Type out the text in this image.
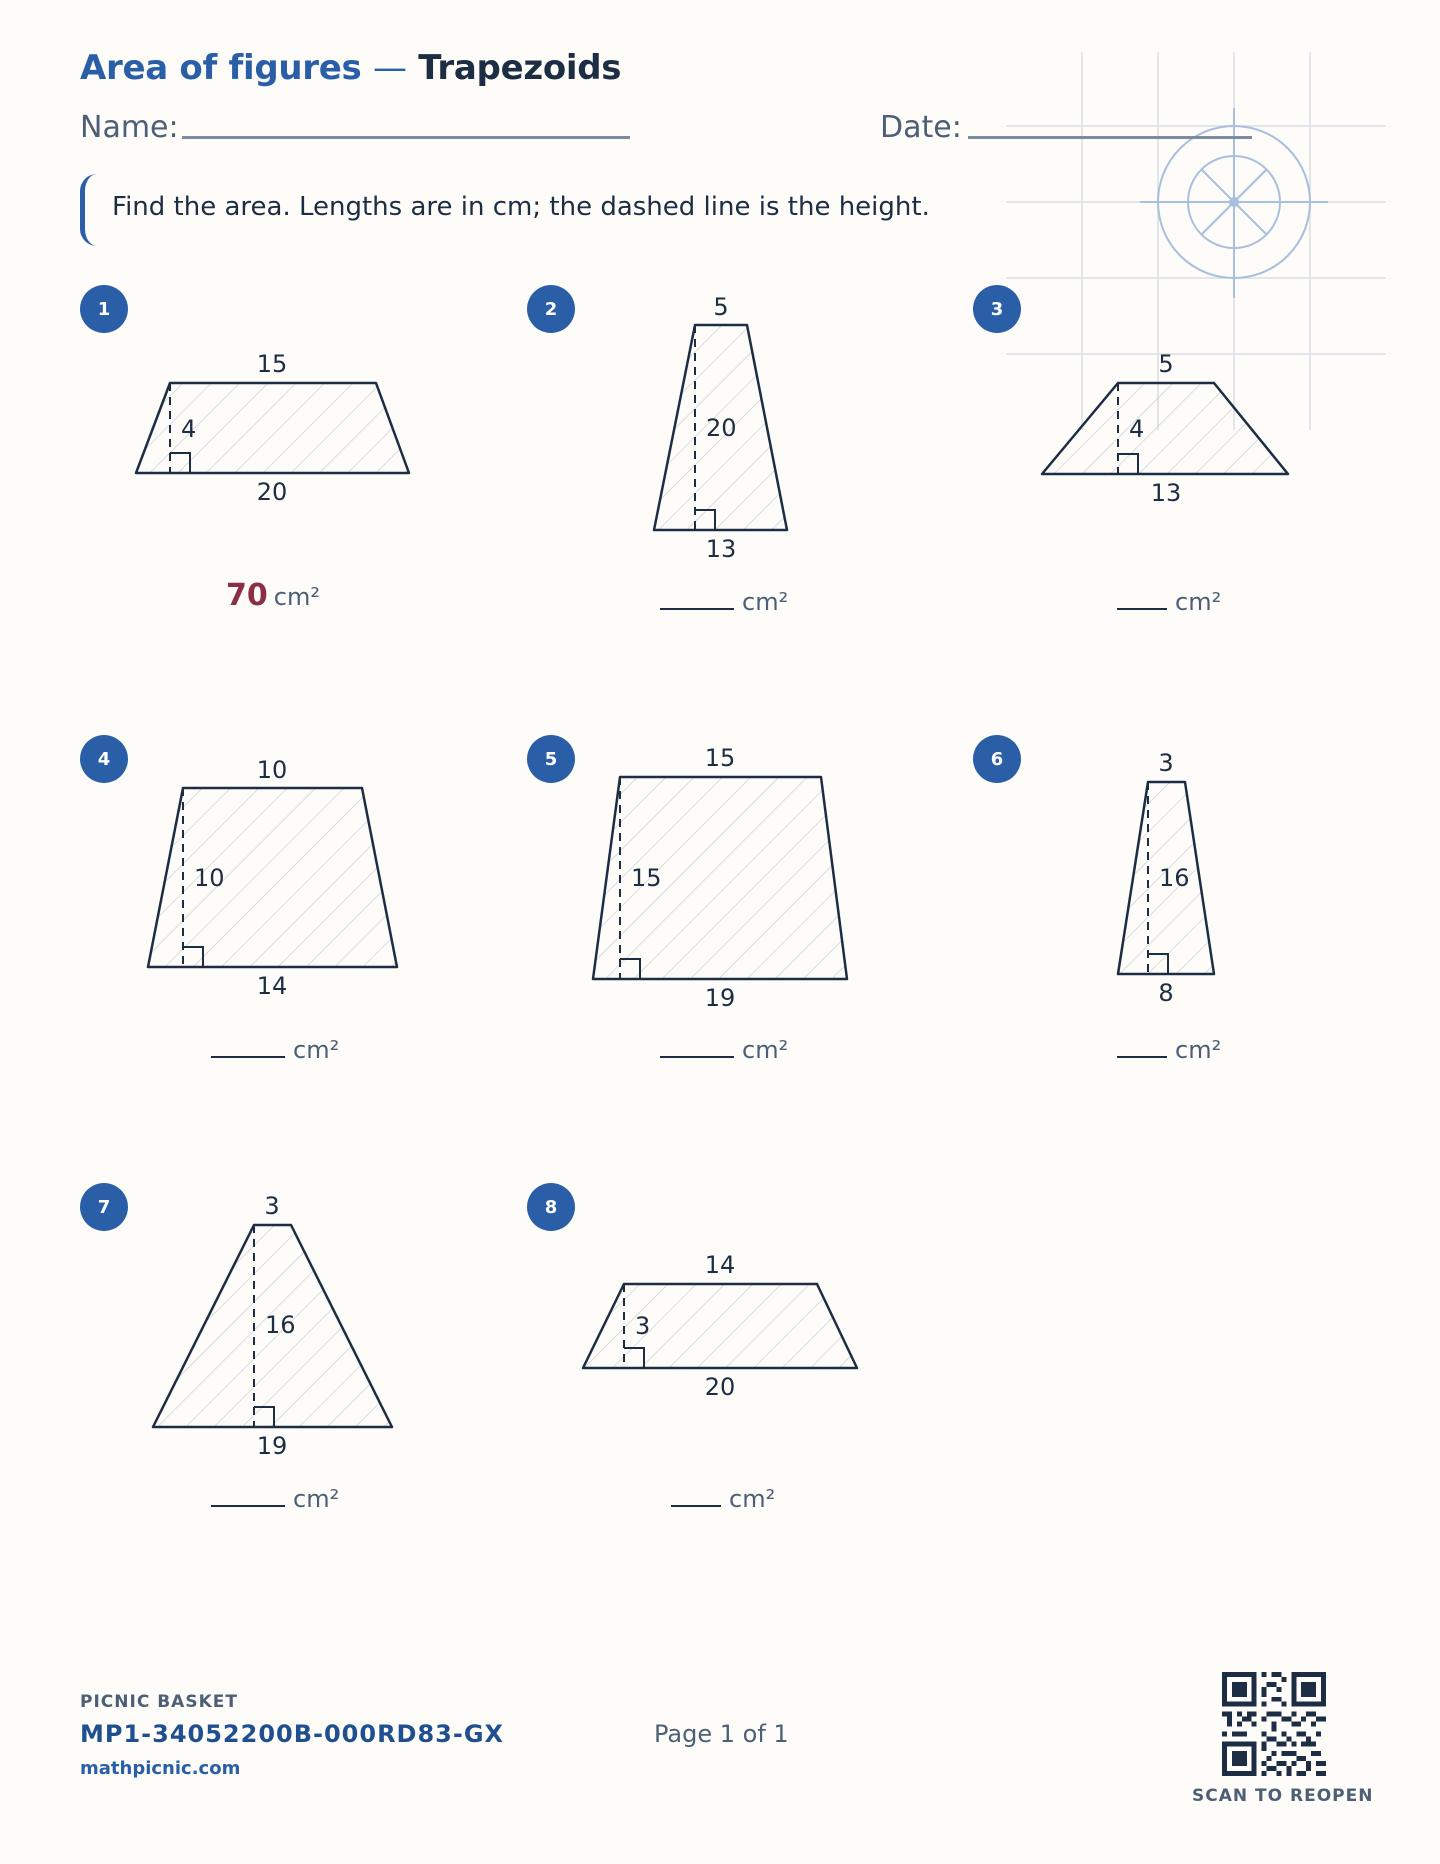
Area of figures — Trapezoids
Name:	Date:
Find the area. Lengths are in cm; the dashed line is the height.
1	2	3
4	5	6
7	8
15
20
4
5
13
20
5
13
4
10
14
10
15
19
15
3
8
16
3
19
16
14
20
3
70 cm²	cm²	cm²
cm²	cm²	cm²
cm²	cm²
PICNIC BASKET
MP1-34052200B-000RD83-GX
mathpicnic.com
Page 1 of 1
SCAN TO REOPEN
